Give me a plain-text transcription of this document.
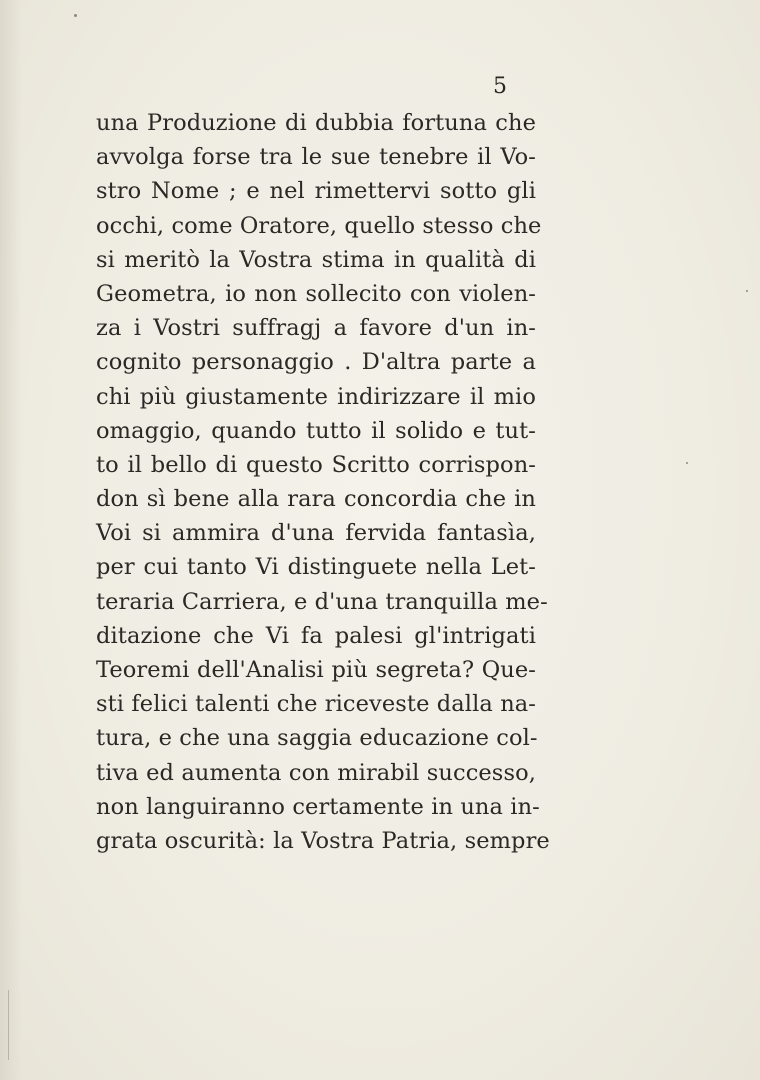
5
una Produzione di dubbia fortuna che
avvolga forse tra le sue tenebre il Vo-
stro Nome ; e nel rimettervi sotto gli
occhi, come Oratore, quello stesso che
si meritò la Vostra stima in qualità di
Geometra, io non sollecito con violen-
za i Vostri suffragj a favore d'un in-
cognito personaggio . D'altra parte a
chi più giustamente indirizzare il mio
omaggio, quando tutto il solido e tut-
to il bello di questo Scritto corrispon-
don sì bene alla rara concordia che in
Voi si ammira d'una fervida fantasìa,
per cui tanto Vi distinguete nella Let-
teraria Carriera, e d'una tranquilla me-
ditazione che Vi fa palesi gl'intrigati
Teoremi dell'Analisi più segreta? Que-
sti felici talenti che riceveste dalla na-
tura, e che una saggia educazione col-
tiva ed aumenta con mirabil successo,
non languiranno certamente in una in-
grata oscurità: la Vostra Patria, sempre
